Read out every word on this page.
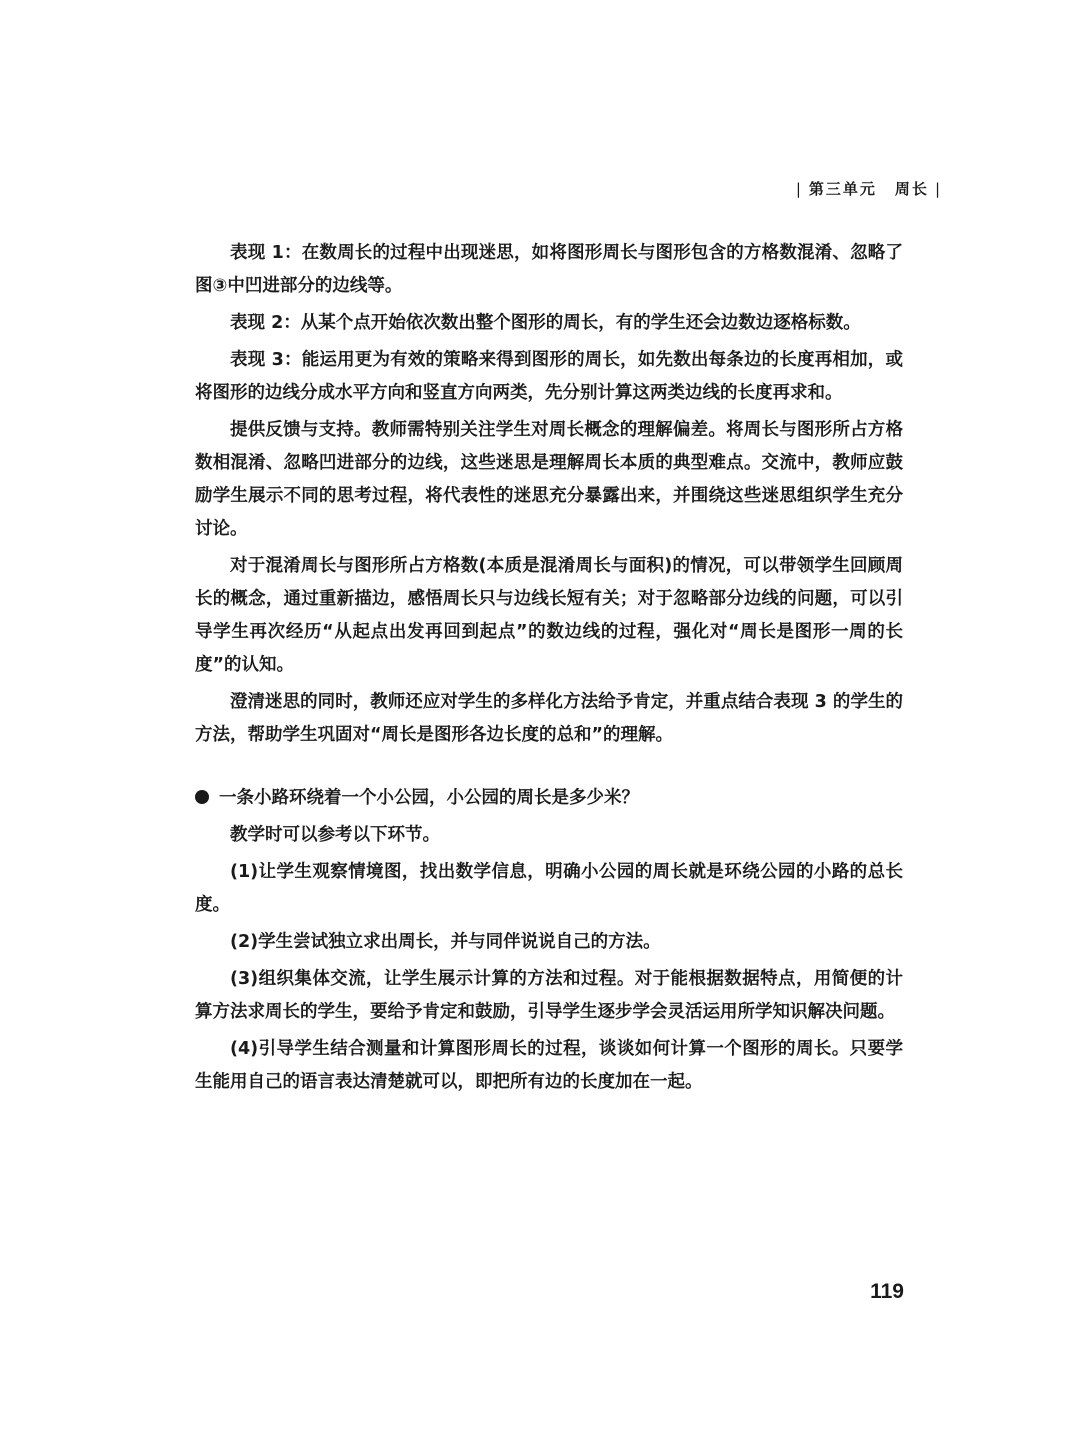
| 第三单元 周长 |

表现 1：在数周长的过程中出现迷思，如将图形周长与图形包含的方格数混淆、忽略了图③中凹进部分的边线等。

表现 2：从某个点开始依次数出整个图形的周长，有的学生还会边数边逐格标数。

表现 3：能运用更为有效的策略来得到图形的周长，如先数出每条边的长度再相加，或将图形的边线分成水平方向和竖直方向两类，先分别计算这两类边线的长度再求和。

提供反馈与支持。教师需特别关注学生对周长概念的理解偏差。将周长与图形所占方格数相混淆、忽略凹进部分的边线，这些迷思是理解周长本质的典型难点。交流中，教师应鼓励学生展示不同的思考过程，将代表性的迷思充分暴露出来，并围绕这些迷思组织学生充分讨论。

对于混淆周长与图形所占方格数(本质是混淆周长与面积)的情况，可以带领学生回顾周长的概念，通过重新描边，感悟周长只与边线长短有关；对于忽略部分边线的问题，可以引导学生再次经历“从起点出发再回到起点”的数边线的过程，强化对“周长是图形一周的长度”的认知。

澄清迷思的同时，教师还应对学生的多样化方法给予肯定，并重点结合表现 3 的学生的方法，帮助学生巩固对“周长是图形各边长度的总和”的理解。

一条小路环绕着一个小公园，小公园的周长是多少米？

教学时可以参考以下环节。

(1)让学生观察情境图，找出数学信息，明确小公园的周长就是环绕公园的小路的总长度。

(2)学生尝试独立求出周长，并与同伴说说自己的方法。

(3)组织集体交流，让学生展示计算的方法和过程。对于能根据数据特点，用简便的计算方法求周长的学生，要给予肯定和鼓励，引导学生逐步学会灵活运用所学知识解决问题。

(4)引导学生结合测量和计算图形周长的过程，谈谈如何计算一个图形的周长。只要学生能用自己的语言表达清楚就可以，即把所有边的长度加在一起。

119
